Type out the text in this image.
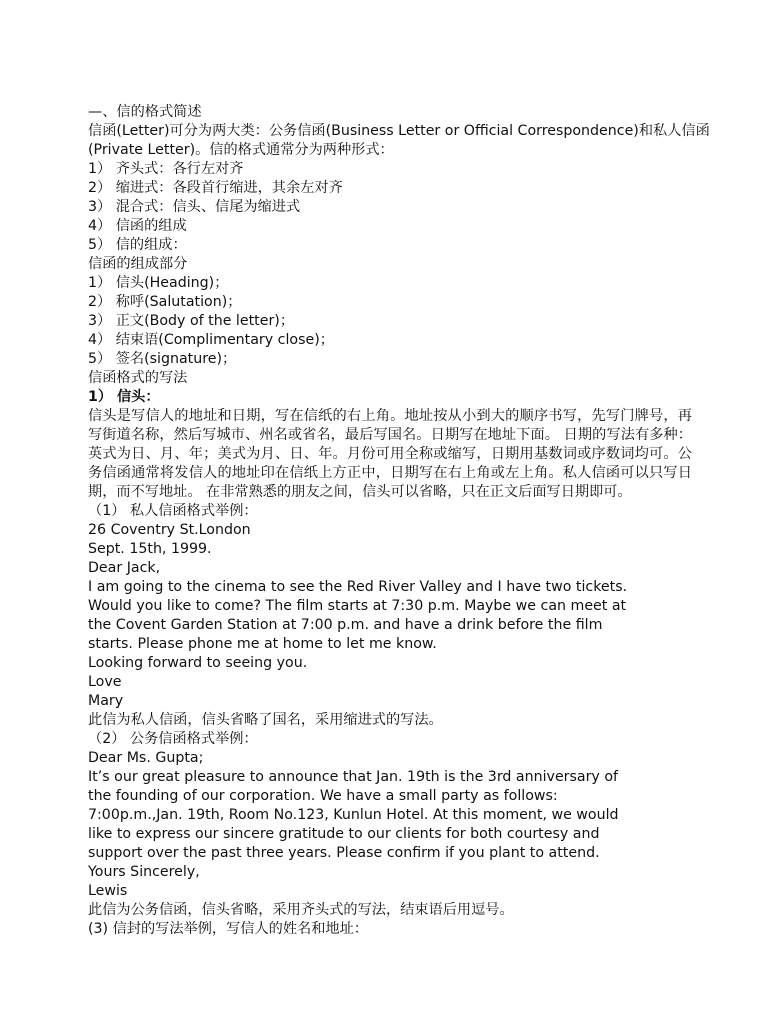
—、信的格式简述
信函(Letter)可分为两大类：公务信函(Business Letter or Official Correspondence)和私人信函
(Private Letter)。信的格式通常分为两种形式：
1） 齐头式：各行左对齐
2） 缩进式：各段首行缩进，其余左对齐
3） 混合式：信头、信尾为缩进式
4） 信函的组成
5） 信的组成：
信函的组成部分
1） 信头(Heading)；
2） 称呼(Salutation)；
3） 正文(Body of the letter)；
4） 结束语(Complimentary close)；
5） 签名(signature)；
信函格式的写法
1） 信头：
信头是写信人的地址和日期，写在信纸的右上角。地址按从小到大的顺序书写，先写门牌号，再写街道名称，然后写城市、州名或省名，最后写国名。日期写在地址下面。 日期的写法有多种：英式为日、月、年；美式为月、日、年。月份可用全称或缩写，日期用基数词或序数词均可。公务信函通常将发信人的地址印在信纸上方正中，日期写在右上角或左上角。私人信函可以只写日期，而不写地址。 在非常熟悉的朋友之间，信头可以省略，只在正文后面写日期即可。
（1） 私人信函格式举例：
26 Coventry St.London
Sept. 15th, 1999.
Dear Jack,
I am going to the cinema to see the Red River Valley and I have two tickets.
Would you like to come? The film starts at 7:30 p.m. Maybe we can meet at
the Covent Garden Station at 7:00 p.m. and have a drink before the film
starts. Please phone me at home to let me know.
Looking forward to seeing you.
Love
Mary
此信为私人信函，信头省略了国名，采用缩进式的写法。
（2） 公务信函格式举例：
Dear Ms. Gupta;
It’s our great pleasure to announce that Jan. 19th is the 3rd anniversary of
the founding of our corporation. We have a small party as follows:
7:00p.m.,Jan. 19th, Room No.123, Kunlun Hotel. At this moment, we would
like to express our sincere gratitude to our clients for both courtesy and
support over the past three years. Please confirm if you plant to attend.
Yours Sincerely,
Lewis
此信为公务信函，信头省略，采用齐头式的写法，结束语后用逗号。
(3) 信封的写法举例，写信人的姓名和地址：
